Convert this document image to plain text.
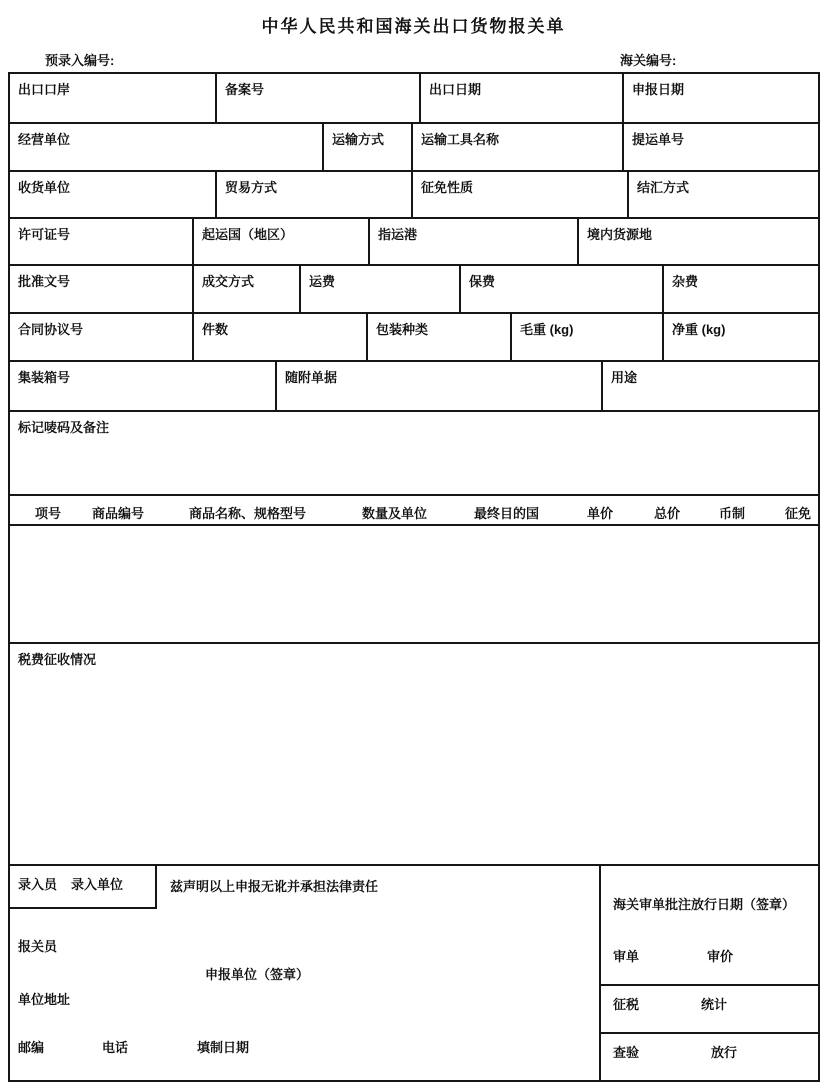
中华人民共和国海关出口货物报关单
预录入编号:	海关编号:
出口口岸	备案号	出口日期	申报日期
经营单位	运输方式	运输工具名称	提运单号
收货单位	贸易方式	征免性质	结汇方式
许可证号	起运国（地区）	指运港	境内货源地
批准文号	成交方式	运费	保费	杂费
合同协议号	件数	包装种类	毛重 (kg)	净重 (kg)
集装箱号	随附单据	用途
标记唛码及备注
项号 商品编号	商品名称、规格型号	数量及单位	最终目的国	单价	总价	币制	征免
税费征收情况
录入员 录入单位	兹声明以上申报无讹并承担法律责任
报关员
申报单位（签章）
单位地址
邮编	电话	填制日期
海关审单批注放行日期（签章）
审单	审价
征税	统计
查验	放行
